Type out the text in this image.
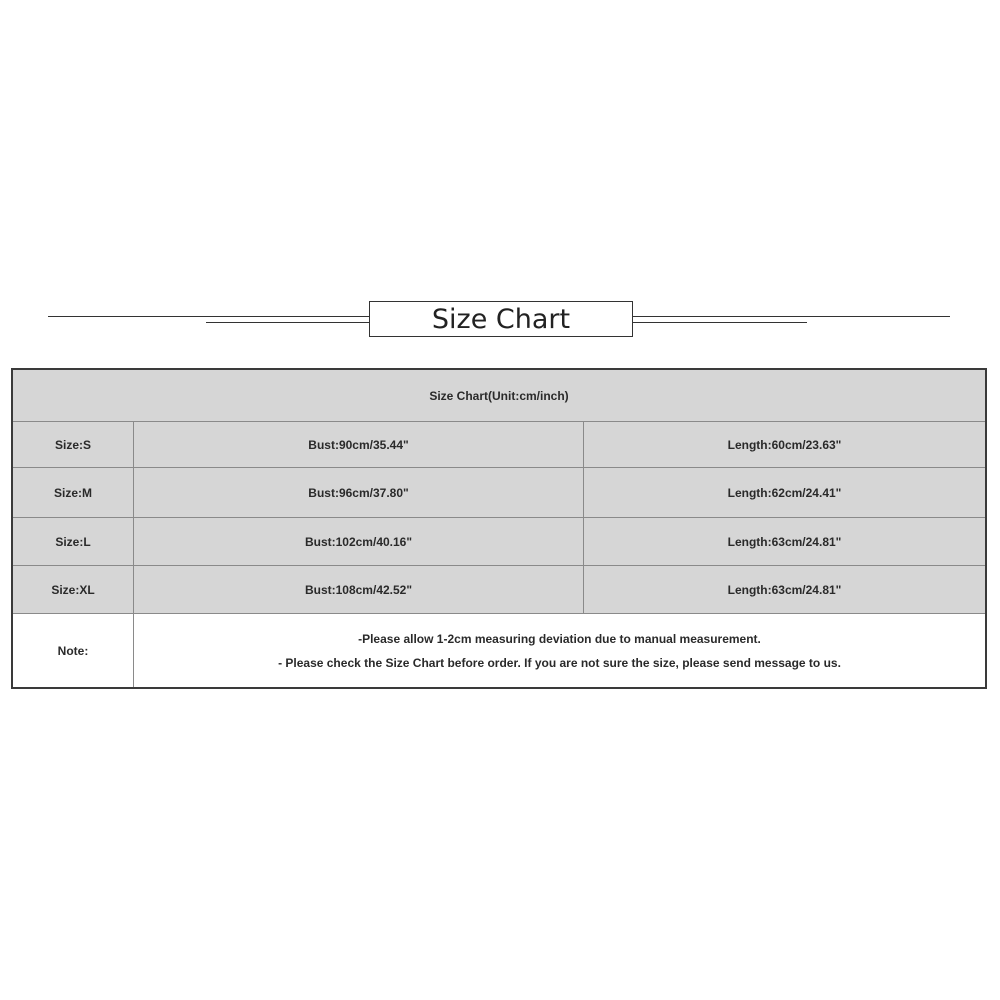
Size Chart
Size Chart(Unit:cm/inch)
Size:S	Bust:90cm/35.44"	Length:60cm/23.63"
Size:M	Bust:96cm/37.80"	Length:62cm/24.41"
Size:L	Bust:102cm/40.16"	Length:63cm/24.81"
Size:XL	Bust:108cm/42.52"	Length:63cm/24.81"
Note:
-Please allow 1-2cm measuring deviation due to manual measurement.
- Please check the Size Chart before order. If you are not sure the size, please send message to us.
